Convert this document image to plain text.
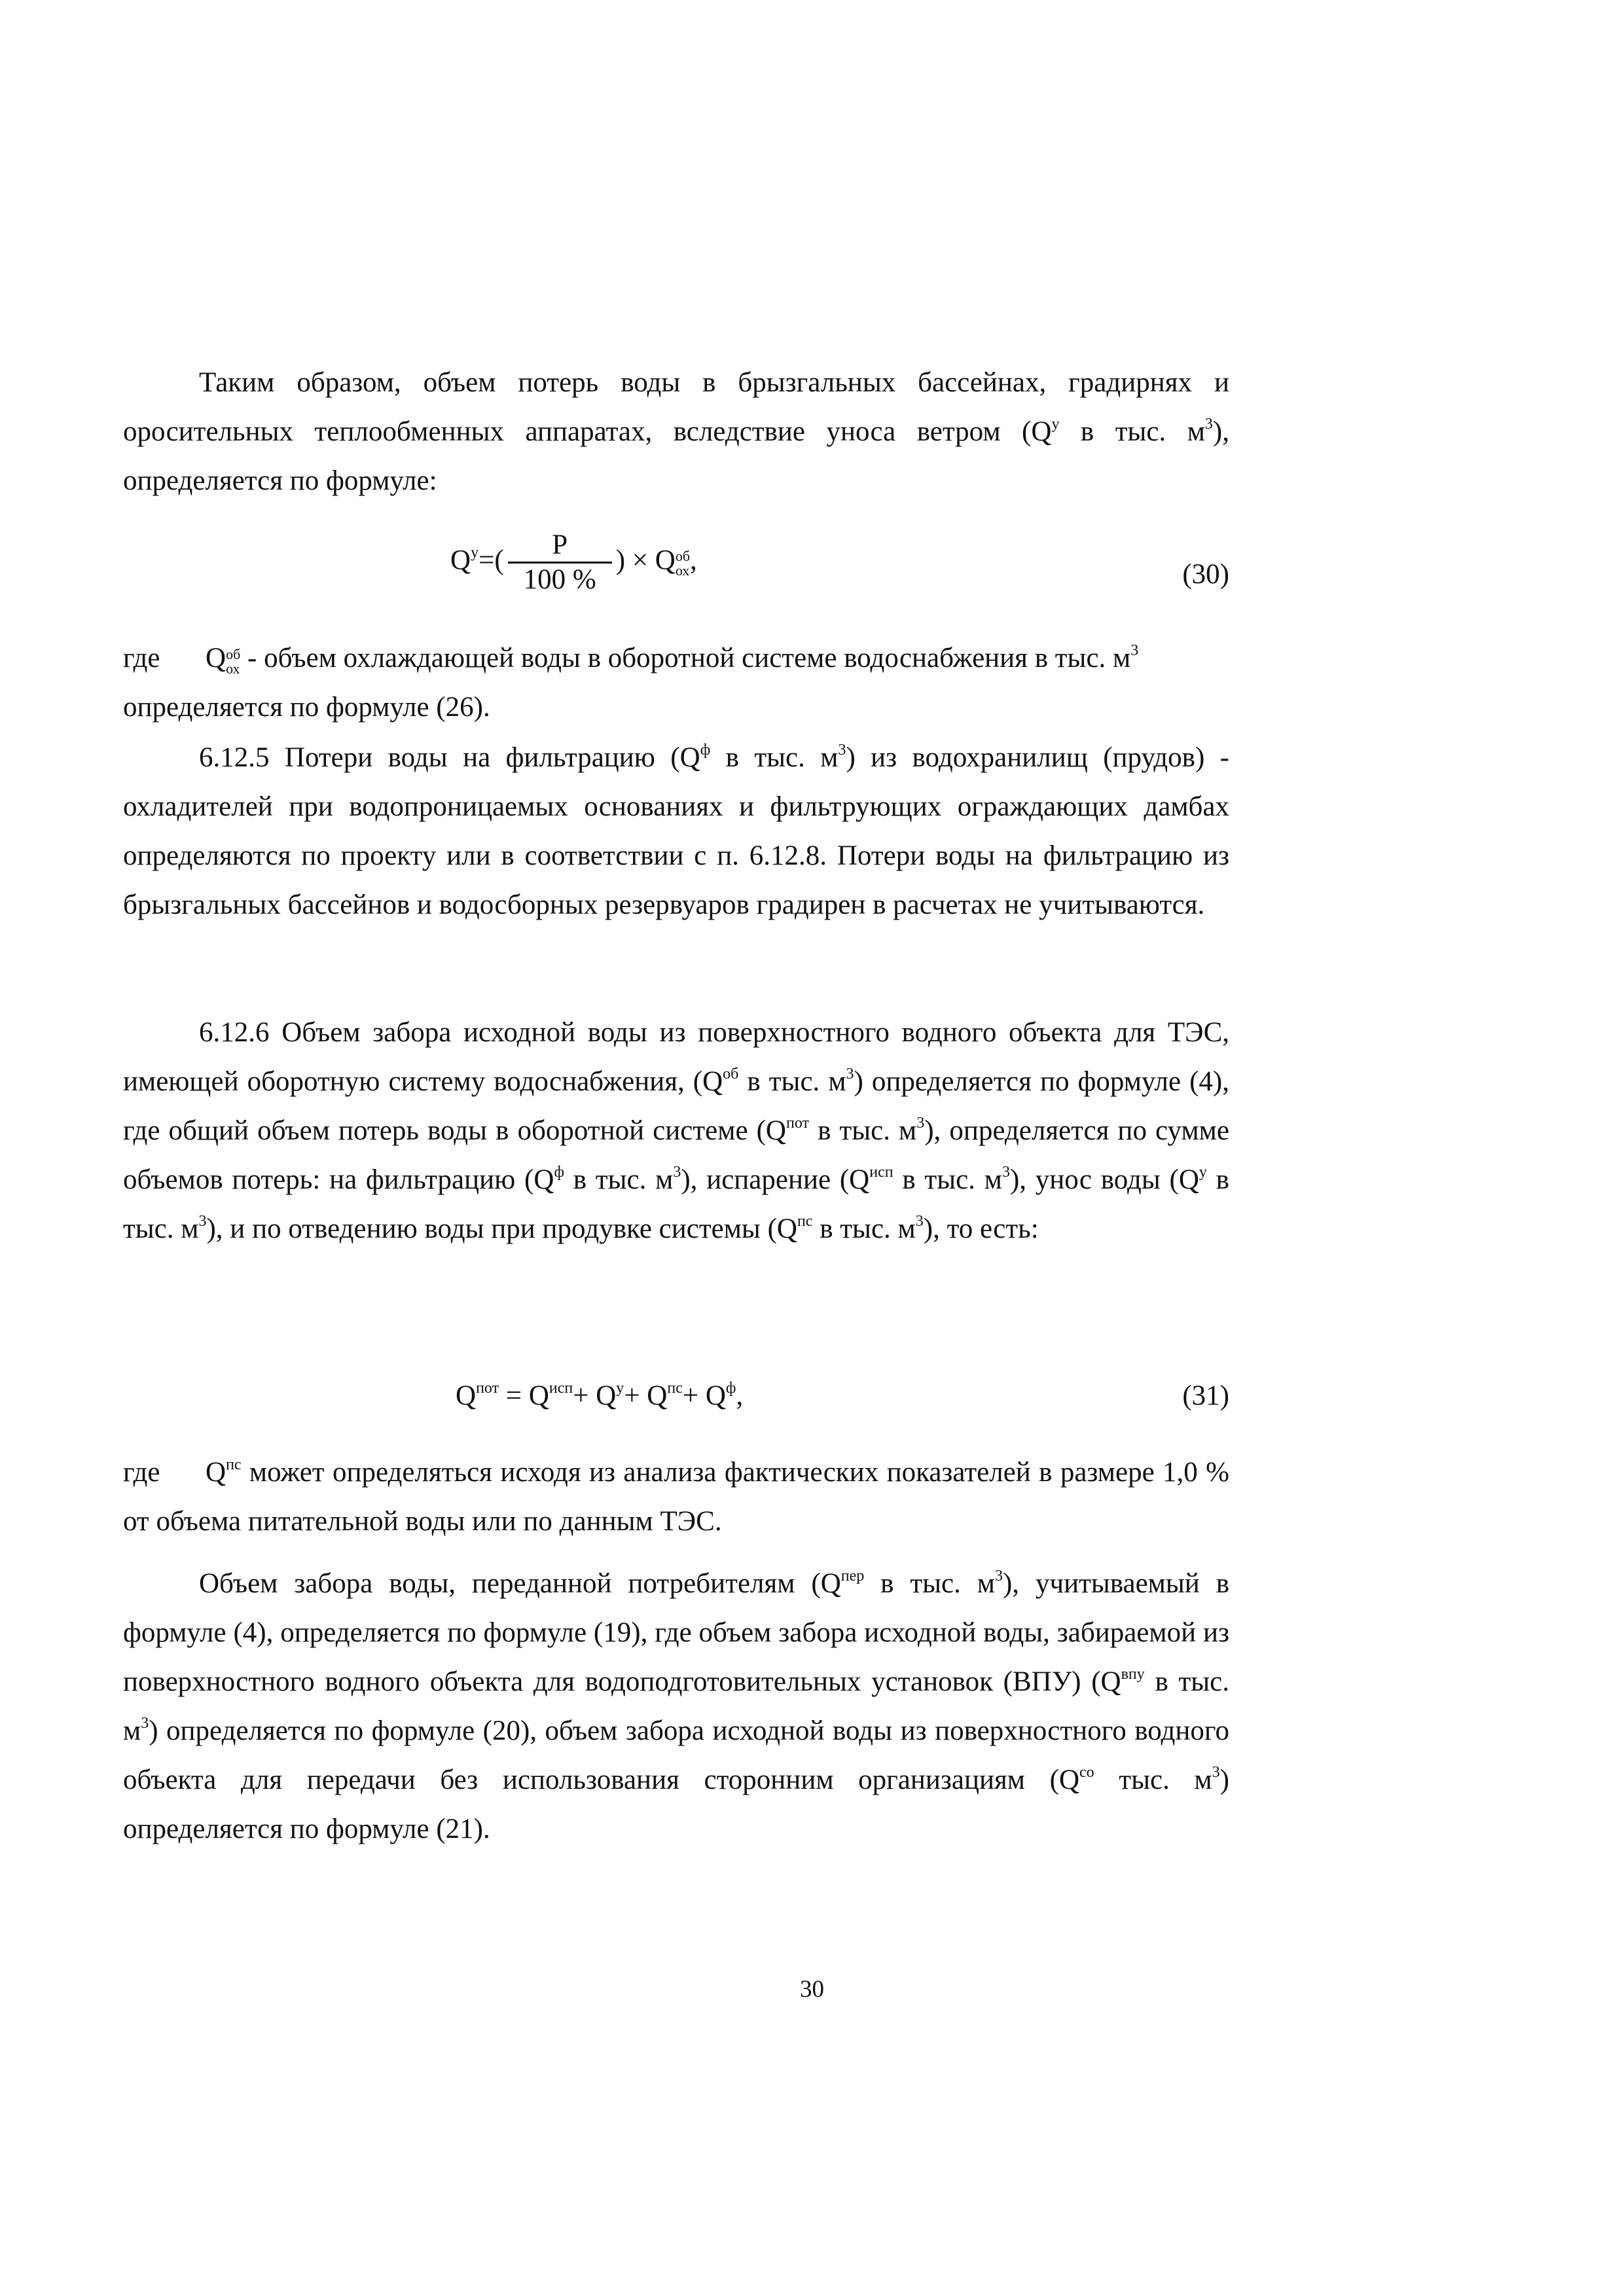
Таким образом, объем потерь воды в брызгальных бассейнах, градирнях и оросительных теплообменных аппаратах, вследствие уноса ветром ($Q^у$ в тыс. $м^3$), определяется по формуле:
$Q^у=( \frac{Р}{100 \%}$ ) × Q об
ох ,	(30)
где Q об
ох - объем охлаждающей воды в оборотной системе водоснабжения в тыс. $м^3$
определяется по формуле (26).
6.12.5 Потери воды на фильтрацию ($Q^ф$ в тыс. $м^3$) из водохранилищ (прудов) - охладителей при водопроницаемых основаниях и фильтрующих ограждающих дамбах определяются по проекту или в соответствии с п. 6.12.8. Потери воды на фильтрацию из брызгальных бассейнов и водосборных резервуаров градирен в расчетах не учитываются.
6.12.6 Объем забора исходной воды из поверхностного водного объекта для ТЭС, имеющей оборотную систему водоснабжения, ($Q^{об}$ в тыс. $м^3$) определяется по формуле (4), где общий объем потерь воды в оборотной системе ($Q^{пот}$ в тыс. $м^3$), определяется по сумме объемов потерь: на фильтрацию ($Q^ф$ в тыс. $м^3$), испарение ($Q^{исп}$ в тыс. $м^3$), унос воды ($Q^у$ в тыс. $м^3$), и по отведению воды при продувке системы ($Q^{пс}$ в тыс. $м^3$), то есть:
$Q^{пот} = Q^{исп}+ Q^у+ Q^{пс}+ Q^ф$,	(31)
где $Q^{пс}$ может определяться исходя из анализа фактических показателей в размере 1,0 % от объема питательной воды или по данным ТЭС.
Объем забора воды, переданной потребителям ($Q^{пер}$ в тыс. $м^3$), учитываемый в формуле (4), определяется по формуле (19), где объем забора исходной воды, забираемой из поверхностного водного объекта для водоподготовительных установок (ВПУ) ($Q^{впу}$ в тыс. $м^3$) определяется по формуле (20), объем забора исходной воды из поверхностного водного объекта для передачи без использования сторонним организациям ($Q^{со}$ тыс. $м^3$) определяется по формуле (21).
30
